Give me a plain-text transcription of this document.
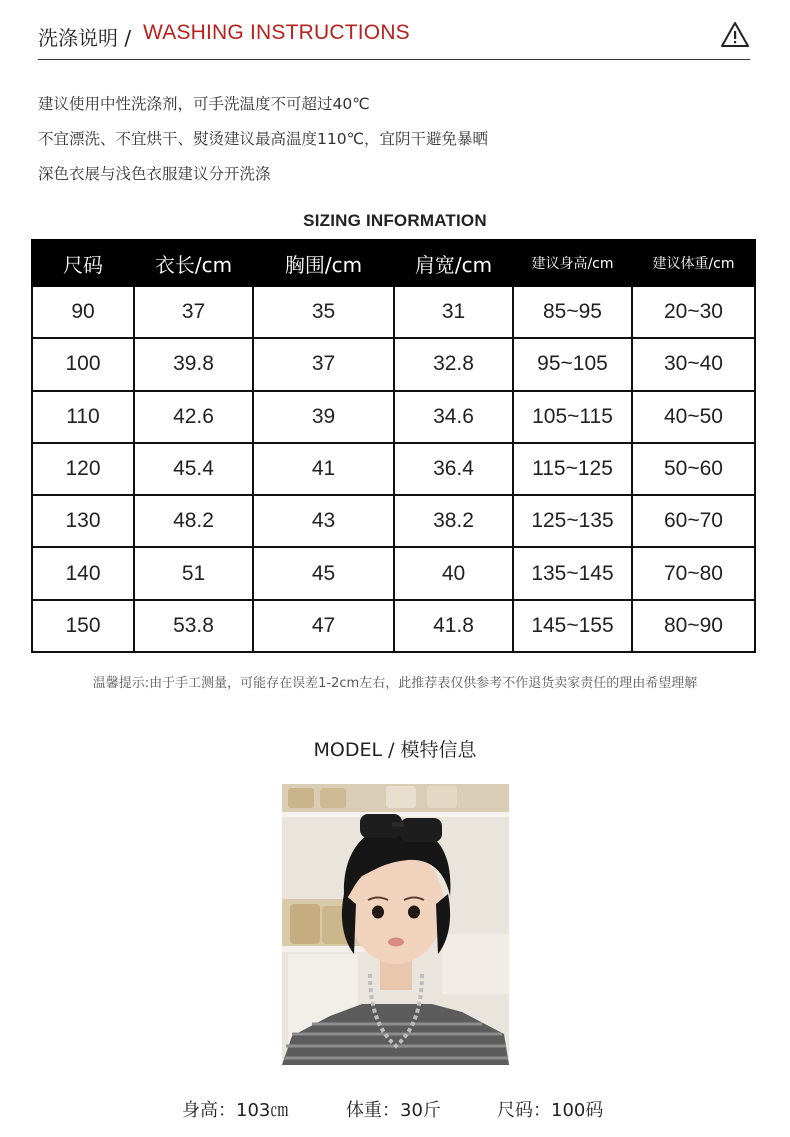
洗涤说明 / WASHING INSTRUCTIONS
建议使用中性洗涤剂，可手洗温度不可超过40℃
不宜漂洗、不宜烘干、熨烫建议最高温度110℃，宜阴干避免暴晒
深色衣展与浅色衣服建议分开洗涤
SIZING INFORMATION
尺码	衣长/cm	胸围/cm	肩宽/cm	建议身高/cm	建议体重/cm
90	37	35	31	85~95	20~30
100	39.8	37	32.8	95~105	30~40
110	42.6	39	34.6	105~115	40~50
120	45.4	41	36.4	115~125	50~60
130	48.2	43	38.2	125~135	60~70
140	51	45	40	135~145	70~80
150	53.8	47	41.8	145~155	80~90
温馨提示:由于手工测量，可能存在误差1-2cm左右，此推荐表仅供参考不作退货卖家责任的理由希望理解
MODEL / 模特信息
身高：103㎝	体重：30斤	尺码：100码
